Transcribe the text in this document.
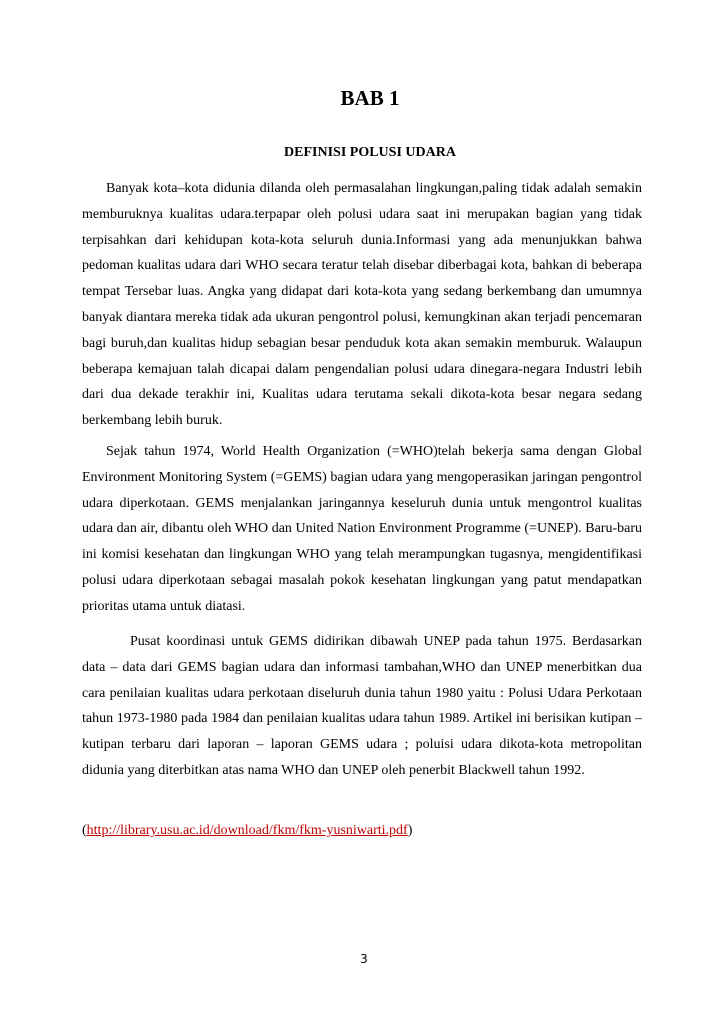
BAB 1
DEFINISI POLUSI UDARA

Banyak kota–kota didunia dilanda oleh permasalahan lingkungan,paling tidak adalah semakin memburuknya kualitas udara.terpapar oleh polusi udara saat ini merupakan bagian yang tidak terpisahkan dari kehidupan kota-kota seluruh dunia.Informasi yang ada menunjukkan bahwa pedoman kualitas udara dari WHO secara teratur telah disebar diberbagai kota, bahkan di beberapa tempat Tersebar luas. Angka yang didapat dari kota-kota yang sedang berkembang dan umumnya banyak diantara mereka tidak ada ukuran pengontrol polusi, kemungkinan akan terjadi pencemaran bagi buruh,dan kualitas hidup sebagian besar penduduk kota akan semakin memburuk. Walaupun beberapa kemajuan talah dicapai dalam pengendalian polusi udara dinegara-negara Industri lebih dari dua dekade terakhir ini, Kualitas udara terutama sekali dikota-kota besar negara sedang berkembang lebih buruk.

Sejak tahun 1974, World Health Organization (=WHO)telah bekerja sama dengan Global Environment Monitoring System (=GEMS) bagian udara yang mengoperasikan jaringan pengontrol udara diperkotaan. GEMS menjalankan jaringannya keseluruh dunia untuk mengontrol kualitas udara dan air, dibantu oleh WHO dan United Nation Environment Programme (=UNEP). Baru-baru ini komisi kesehatan dan lingkungan WHO yang telah merampungkan tugasnya, mengidentifikasi polusi udara diperkotaan sebagai masalah pokok kesehatan lingkungan yang patut mendapatkan prioritas utama untuk diatasi.

Pusat koordinasi untuk GEMS didirikan dibawah UNEP pada tahun 1975. Berdasarkan data – data dari GEMS bagian udara dan informasi tambahan,WHO dan UNEP menerbitkan dua cara penilaian kualitas udara perkotaan diseluruh dunia tahun 1980 yaitu : Polusi Udara Perkotaan tahun 1973-1980 pada 1984 dan penilaian kualitas udara tahun 1989. Artikel ini berisikan kutipan – kutipan terbaru dari laporan – laporan GEMS udara ; poluisi udara dikota-kota metropolitan didunia yang diterbitkan atas nama WHO dan UNEP oleh penerbit Blackwell tahun 1992.

(http://library.usu.ac.id/download/fkm/fkm-yusniwarti.pdf)

3
